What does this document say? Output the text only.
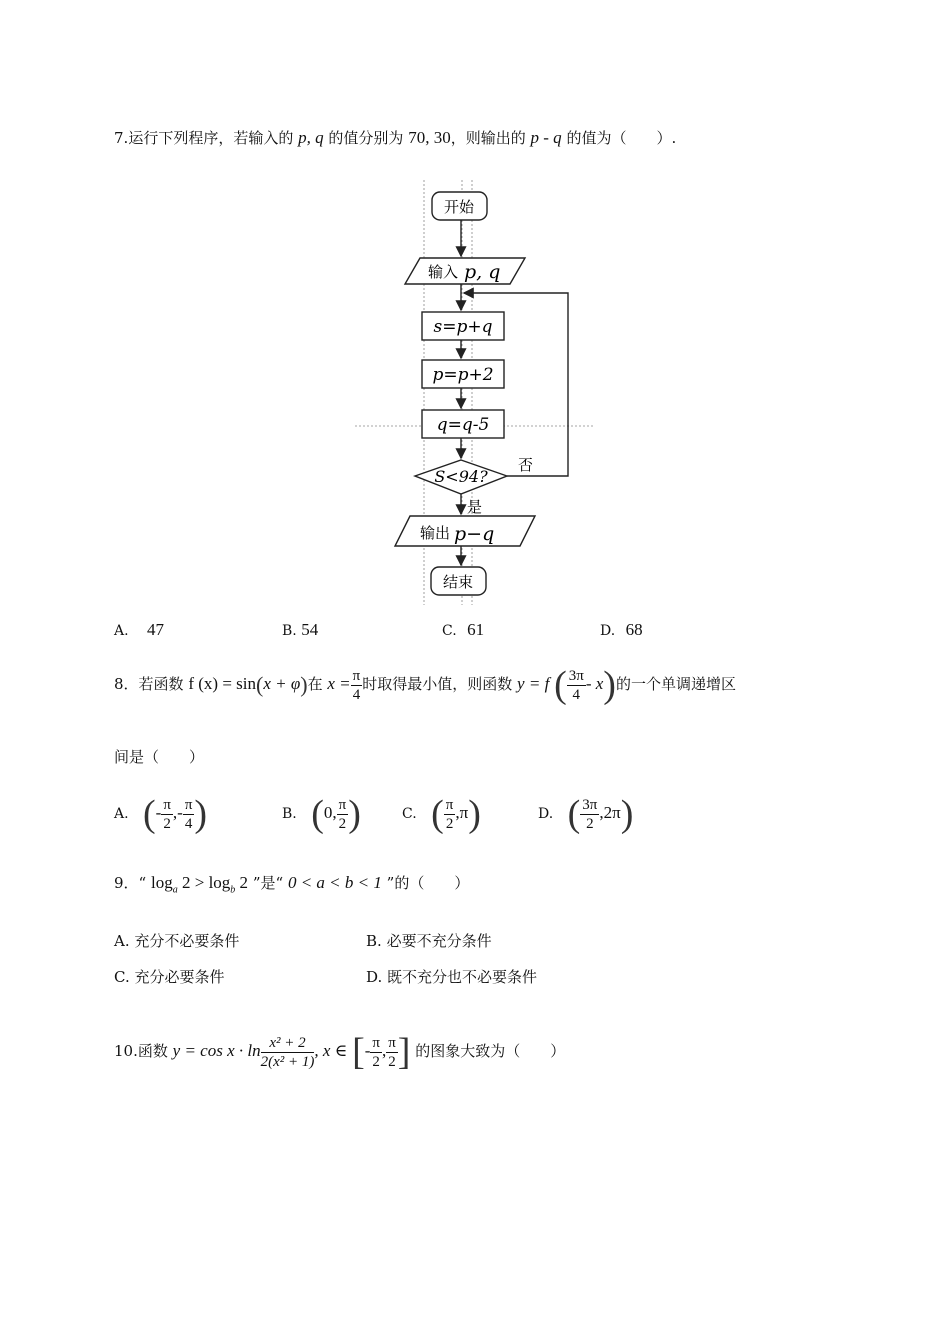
7.运行下列程序，若输入的 p, q 的值分别为 70, 30，则输出的 p - q 的值为（　　）.
开始
输入 p, q
s=p+q
p=p+2
q=q-5
S<94?
否
是
输出 p−q
结束
A. 47	B. 54	C. 61	D. 68
8．若函数 f (x) = sin(x + φ)在 $x = \frac{\pi}{4}$ 时取得最小值，则函数 y = f ( $\frac{3\pi}{4} - x$)的一个单调递增区
间是（　　）
A. (- $\frac{\pi}{2}$ ,- $\frac{\pi}{4}$ )	B. (0, $\frac{\pi}{2}$ )	C. ( $\frac{\pi}{2} ,\pi$)	D. ( $\frac{3\pi}{2} ,2\pi$)
9．“ $\log_a 2 > \log_b 2$ ”是“ 0 < a < b < 1 ”的（　　）
A. 充分不必要条件	B. 必要不充分条件
C. 充分必要条件	D. 既不充分也不必要条件
10.函数 $y = \cos x \cdot \ln \frac{\text{x² + 2}}{\text{2(x² + 1)}}$ , x ∈ [- $\frac{\pi}{2}$ , $\frac{\pi}{2}$ ] 的图象大致为（　　）
